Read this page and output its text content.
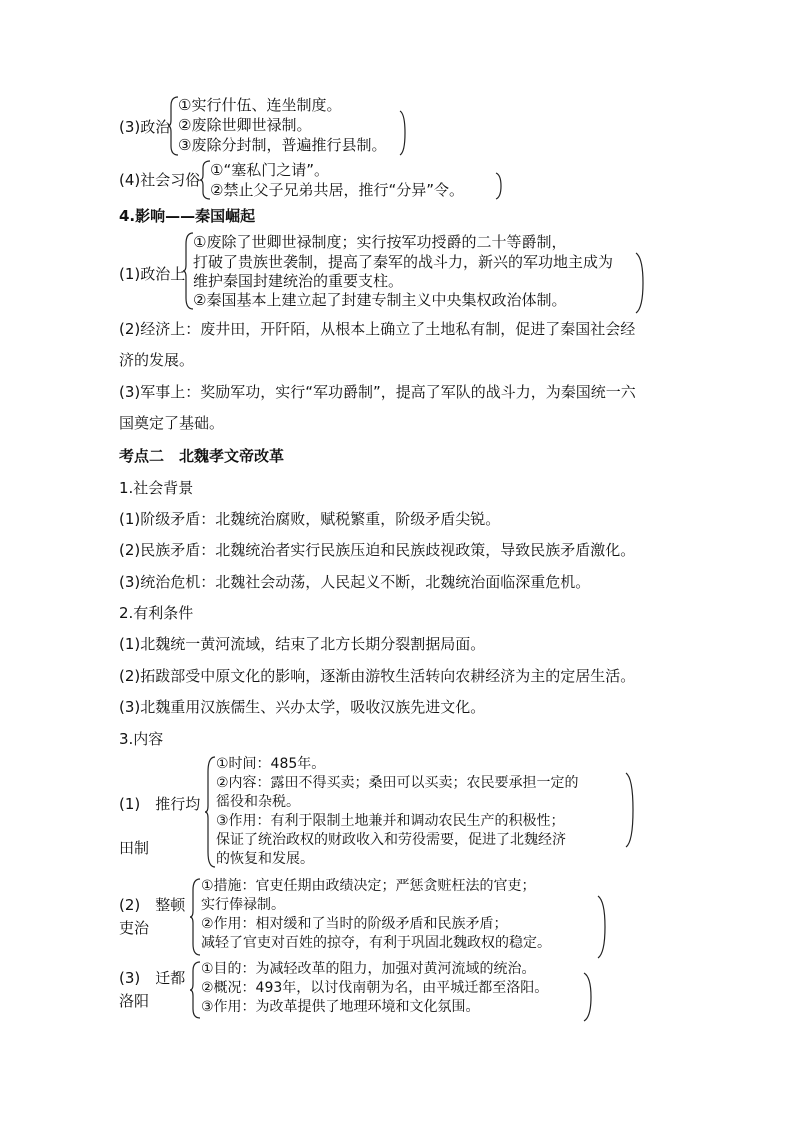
(3)政治
①实行什伍、连坐制度。
②废除世卿世禄制。
③废除分封制，普遍推行县制。
(4)社会习俗
①“塞私门之请”。
②禁止父子兄弟共居，推行“分异”令。
4.影响——秦国崛起
(1)政治上
①废除了世卿世禄制度；实行按军功授爵的二十等爵制，
打破了贵族世袭制，提高了秦军的战斗力，新兴的军功地主成为
维护秦国封建统治的重要支柱。
②秦国基本上建立起了封建专制主义中央集权政治体制。
(2)经济上：废井田，开阡陌，从根本上确立了土地私有制，促进了秦国社会经
济的发展。
(3)军事上：奖励军功，实行“军功爵制”，提高了军队的战斗力，为秦国统一六
国奠定了基础。
考点二　北魏孝文帝改革
1.社会背景
(1)阶级矛盾：北魏统治腐败，赋税繁重，阶级矛盾尖锐。
(2)民族矛盾：北魏统治者实行民族压迫和民族歧视政策，导致民族矛盾激化。
(3)统治危机：北魏社会动荡，人民起义不断，北魏统治面临深重危机。
2.有利条件
(1)北魏统一黄河流域，结束了北方长期分裂割据局面。
(2)拓跋部受中原文化的影响，逐渐由游牧生活转向农耕经济为主的定居生活。
(3)北魏重用汉族儒生、兴办太学，吸收汉族先进文化。
3.内容
(1)　推行均
田制
①时间：485年。
②内容：露田不得买卖；桑田可以买卖；农民要承担一定的
徭役和杂税。
③作用：有利于限制土地兼并和调动农民生产的积极性；
保证了统治政权的财政收入和劳役需要，促进了北魏经济
的恢复和发展。
(2)　整顿
吏治
①措施：官吏任期由政绩决定；严惩贪赃枉法的官吏；
实行俸禄制。
②作用：相对缓和了当时的阶级矛盾和民族矛盾；
减轻了官吏对百姓的掠夺，有利于巩固北魏政权的稳定。
(3)　迁都
洛阳
①目的：为减轻改革的阻力，加强对黄河流域的统治。
②概况：493年，以讨伐南朝为名，由平城迁都至洛阳。
③作用：为改革提供了地理环境和文化氛围。
